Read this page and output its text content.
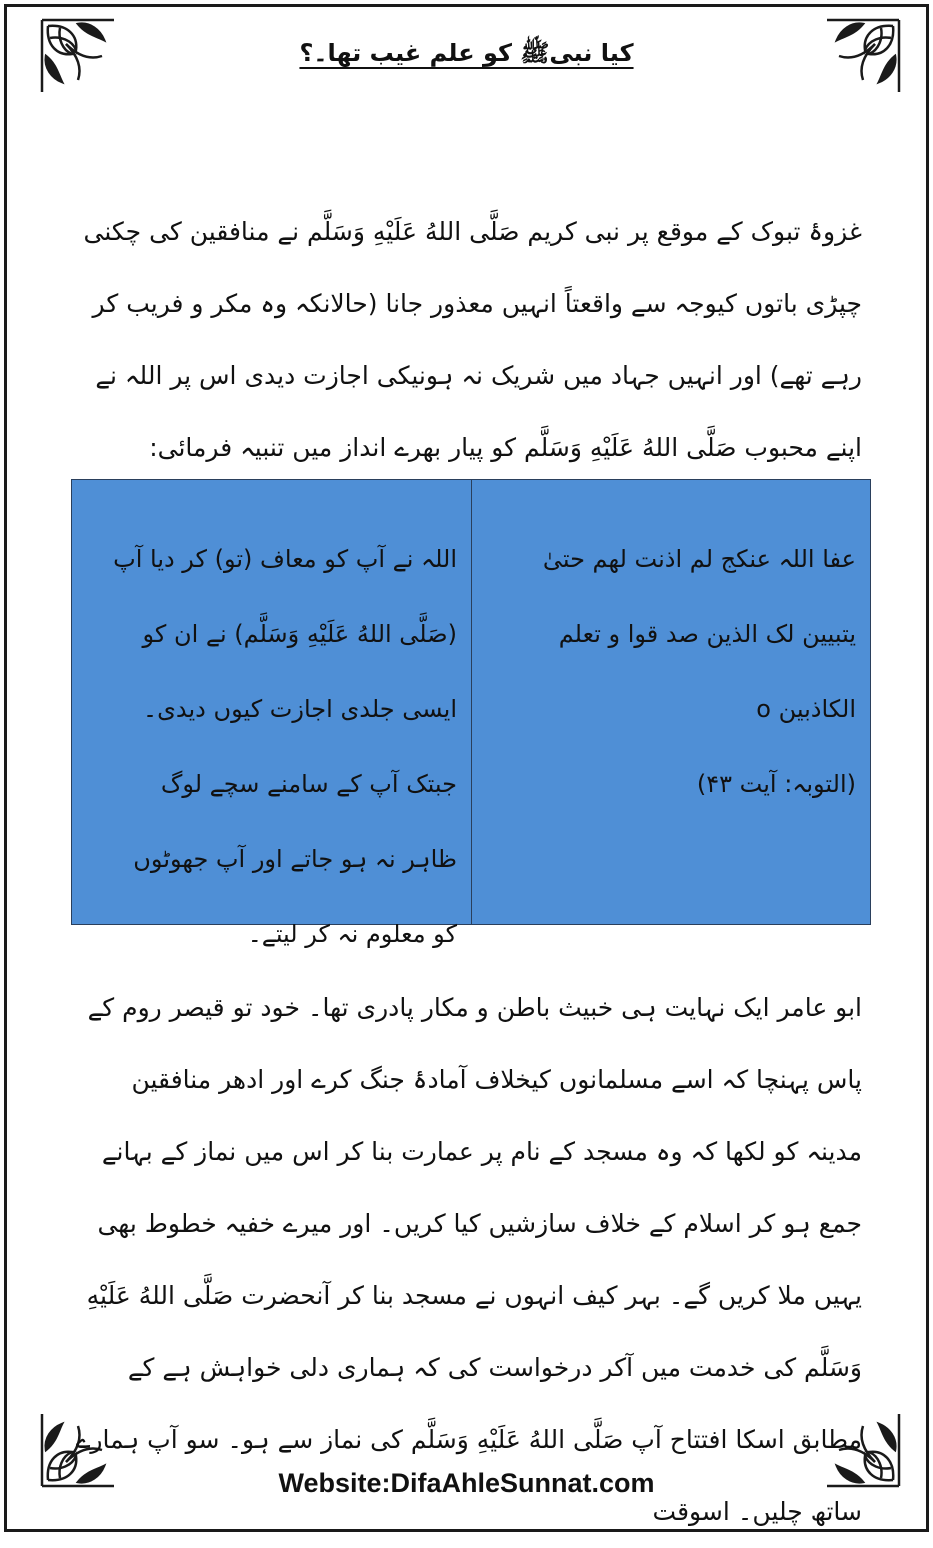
کیا نبیﷺ کو علم غیب تھا۔؟
غزوۂ تبوک کے موقع پر نبی کریم صَلَّى اللهُ عَلَيْهِ وَسَلَّم نے منافقین کی چکنی چپڑی باتوں کیوجہ سے واقعتاً انہیں معذور جانا (حالانکہ وہ مکر و فریب کر رہے تھے) اور انہیں جہاد میں شریک نہ ہونیکی اجازت دیدی اس پر اللہ نے اپنے محبوب صَلَّى اللهُ عَلَيْهِ وَسَلَّم کو پیار بھرے انداز میں تنبیہ فرمائی:
عفا اللہ عنکج لم اذنت لھم حتیٰ یتبیین لک الذین صد قوا و تعلم الکاذبین o
(التوبہ: آیت ۴۳)
اللہ نے آپ کو معاف (تو) کر دیا آپ (صَلَّى اللهُ عَلَيْهِ وَسَلَّم) نے ان کو ایسی جلدی اجازت کیوں دیدی۔ جبتک آپ کے سامنے سچے لوگ ظاہر نہ ہو جاتے اور آپ جھوٹوں کو معلوم نہ کر لیتے۔
ابو عامر ایک نہایت ہی خبیث باطن و مکار پادری تھا۔ خود تو قیصر روم کے پاس پہنچا کہ اسے مسلمانوں کیخلاف آمادۂ جنگ کرے اور ادھر منافقین مدینہ کو لکھا کہ وہ مسجد کے نام پر عمارت بنا کر اس میں نماز کے بہانے جمع ہو کر اسلام کے خلاف سازشیں کیا کریں۔ اور میرے خفیہ خطوط بھی یہیں ملا کریں گے۔ بہر کیف انہوں نے مسجد بنا کر آنحضرت صَلَّى اللهُ عَلَيْهِ وَسَلَّم کی خدمت میں آکر درخواست کی کہ ہماری دلی خواہش ہے کے مطابق اسکا افتتاح آپ صَلَّى اللهُ عَلَيْهِ وَسَلَّم کی نماز سے ہو۔ سو آپ ہمارے ساتھ چلیں۔ اسوقت
Website:DifaAhleSunnat.com
